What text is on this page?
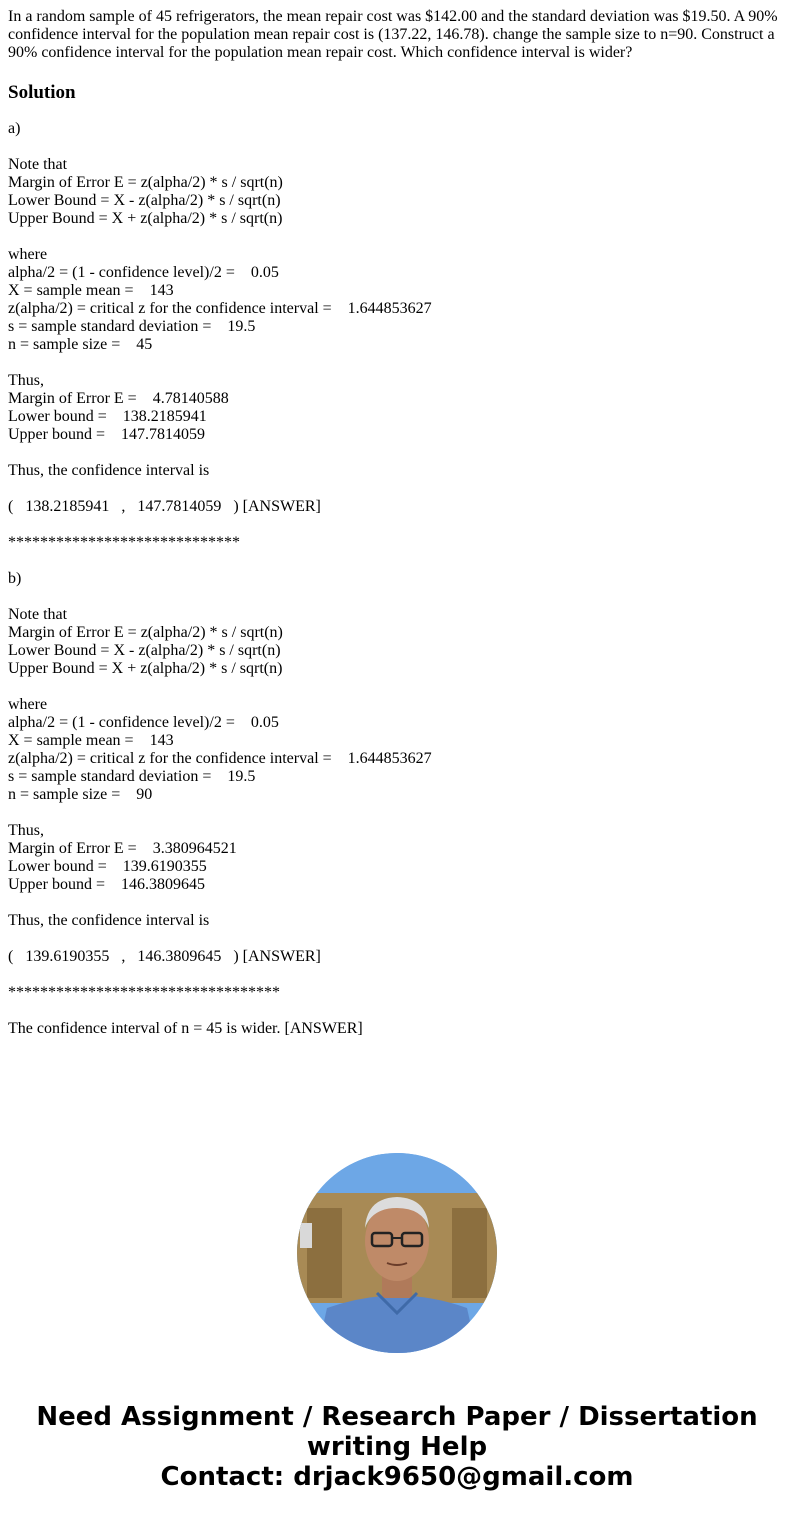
In a random sample of 45 refrigerators, the mean repair cost was $142.00 and the standard deviation was $19.50. A 90% confidence interval for the population mean repair cost is (137.22, 146.78). change the sample size to n=90. Construct a 90% confidence interval for the population mean repair cost. Which confidence interval is wider?

Solution
a)
Note that
Margin of Error E = z(alpha/2) * s / sqrt(n)
Lower Bound = X - z(alpha/2) * s / sqrt(n)
Upper Bound = X + z(alpha/2) * s / sqrt(n)
where
alpha/2 = (1 - confidence level)/2 =    0.05
X = sample mean =    143
z(alpha/2) = critical z for the confidence interval =    1.644853627
s = sample standard deviation =    19.5
n = sample size =    45
Thus,
Margin of Error E =    4.78140588
Lower bound =    138.2185941
Upper bound =    147.7814059
Thus, the confidence interval is
(   138.2185941   ,   147.7814059   ) [ANSWER]
*****************************
b)
Note that
Margin of Error E = z(alpha/2) * s / sqrt(n)
Lower Bound = X - z(alpha/2) * s / sqrt(n)
Upper Bound = X + z(alpha/2) * s / sqrt(n)
where
alpha/2 = (1 - confidence level)/2 =    0.05
X = sample mean =    143
z(alpha/2) = critical z for the confidence interval =    1.644853627
s = sample standard deviation =    19.5
n = sample size =    90
Thus,
Margin of Error E =    3.380964521
Lower bound =    139.6190355
Upper bound =    146.3809645
Thus, the confidence interval is
(   139.6190355   ,   146.3809645   ) [ANSWER]
**********************************
The confidence interval of n = 45 is wider. [ANSWER]
Need Assignment / Research Paper / Dissertation
writing Help
Contact: drjack9650@gmail.com
